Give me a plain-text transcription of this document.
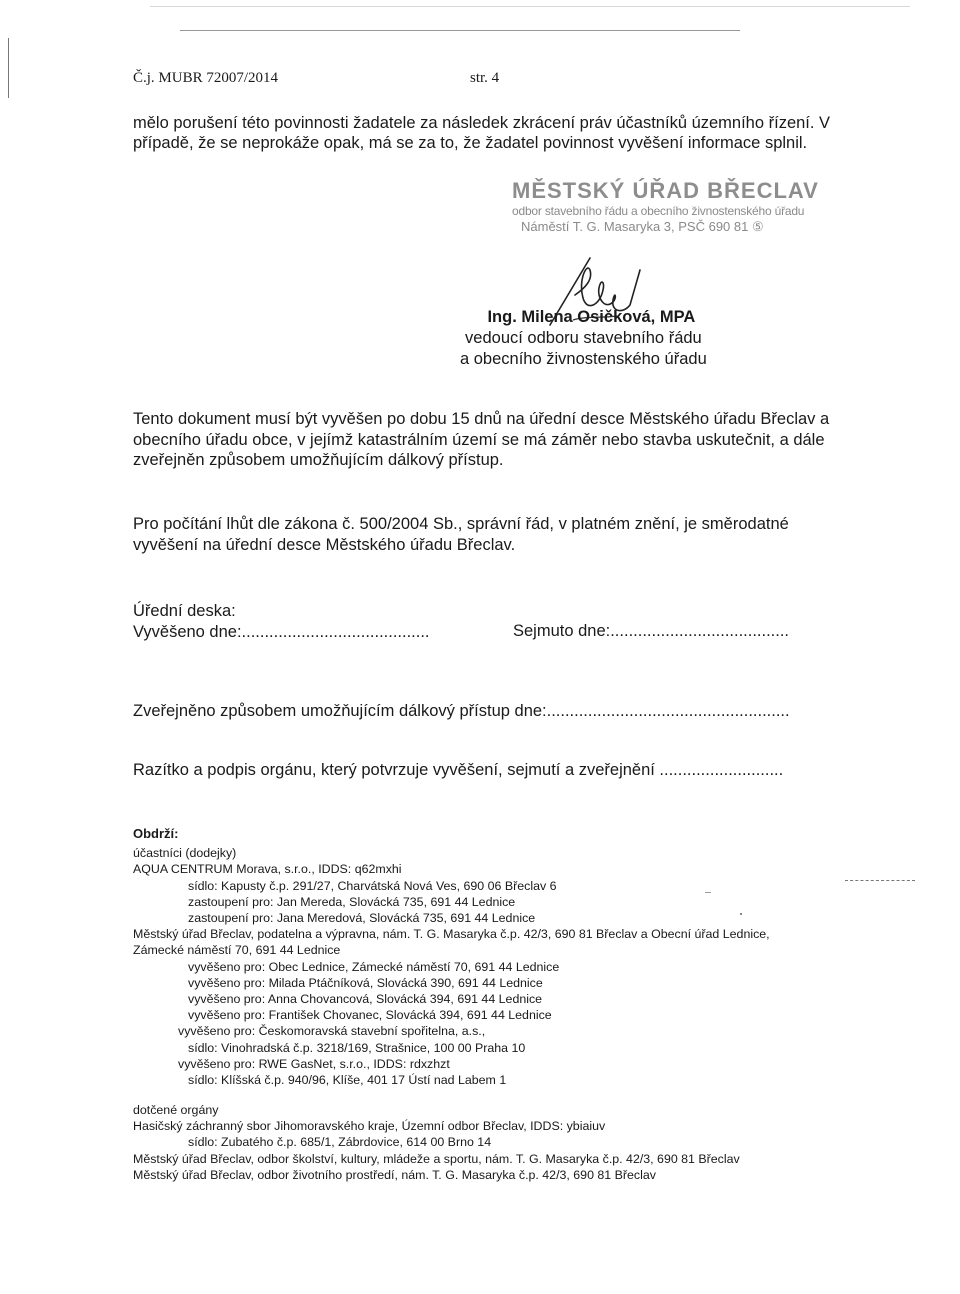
Č.j. MUBR 72007/2014	str. 4
mělo porušení této povinnosti žadatele za následek zkrácení práv účastníků územního řízení. V
případě, že se neprokáže opak, má se za to, že žadatel povinnost vyvěšení informace splnil.
MĚSTSKÝ ÚŘAD BŘECLAV
odbor stavebního řádu a obecního živnostenského úřadu
Náměstí T. G. Masaryka 3, PSČ 690 81 ⑤
Ing. Milena Osičková, MPA
vedoucí odboru stavebního řádu
a obecního živnostenského úřadu
Tento dokument musí být vyvěšen po dobu 15 dnů na úřední desce Městského úřadu Břeclav a
obecního úřadu obce, v jejímž katastrálním území se má záměr nebo stavba uskutečnit, a dále
zveřejněn způsobem umožňujícím dálkový přístup.
Pro počítání lhůt dle zákona č. 500/2004 Sb., správní řád, v platném znění, je směrodatné
vyvěšení na úřední desce Městského úřadu Břeclav.
Úřední deska:
Vyvěšeno dne:.........................................	Sejmuto dne:.......................................
Zveřejněno způsobem umožňujícím dálkový přístup dne:.....................................................
Razítko a podpis orgánu, který potvrzuje vyvěšení, sejmutí a zveřejnění ...........................
Obdrží:
účastníci (dodejky)
AQUA CENTRUM Morava, s.r.o., IDDS: q62mxhi
sídlo: Kapusty č.p. 291/27, Charvátská Nová Ves, 690 06 Břeclav 6
zastoupení pro: Jan Mereda, Slovácká 735, 691 44 Lednice
zastoupení pro: Jana Meredová, Slovácká 735, 691 44 Lednice
Městský úřad Břeclav, podatelna a výpravna, nám. T. G. Masaryka č.p. 42/3, 690 81 Břeclav a Obecní úřad Lednice,
Zámecké náměstí 70, 691 44 Lednice
vyvěšeno pro: Obec Lednice, Zámecké náměstí 70, 691 44 Lednice
vyvěšeno pro: Milada Ptáčníková, Slovácká 390, 691 44 Lednice
vyvěšeno pro: Anna Chovancová, Slovácká 394, 691 44 Lednice
vyvěšeno pro: František Chovanec, Slovácká 394, 691 44 Lednice
vyvěšeno pro: Českomoravská stavební spořitelna, a.s.,
sídlo: Vinohradská č.p. 3218/169, Strašnice, 100 00 Praha 10
vyvěšeno pro: RWE GasNet, s.r.o., IDDS: rdxzhzt
sídlo: Klíšská č.p. 940/96, Klíše, 401 17 Ústí nad Labem 1
dotčené orgány
Hasičský záchranný sbor Jihomoravského kraje, Územní odbor Břeclav, IDDS: ybiaiuv
sídlo: Zubatého č.p. 685/1, Zábrdovice, 614 00 Brno 14
Městský úřad Břeclav, odbor školství, kultury, mládeže a sportu, nám. T. G. Masaryka č.p. 42/3, 690 81 Břeclav
Městský úřad Břeclav, odbor životního prostředí, nám. T. G. Masaryka č.p. 42/3, 690 81 Břeclav
